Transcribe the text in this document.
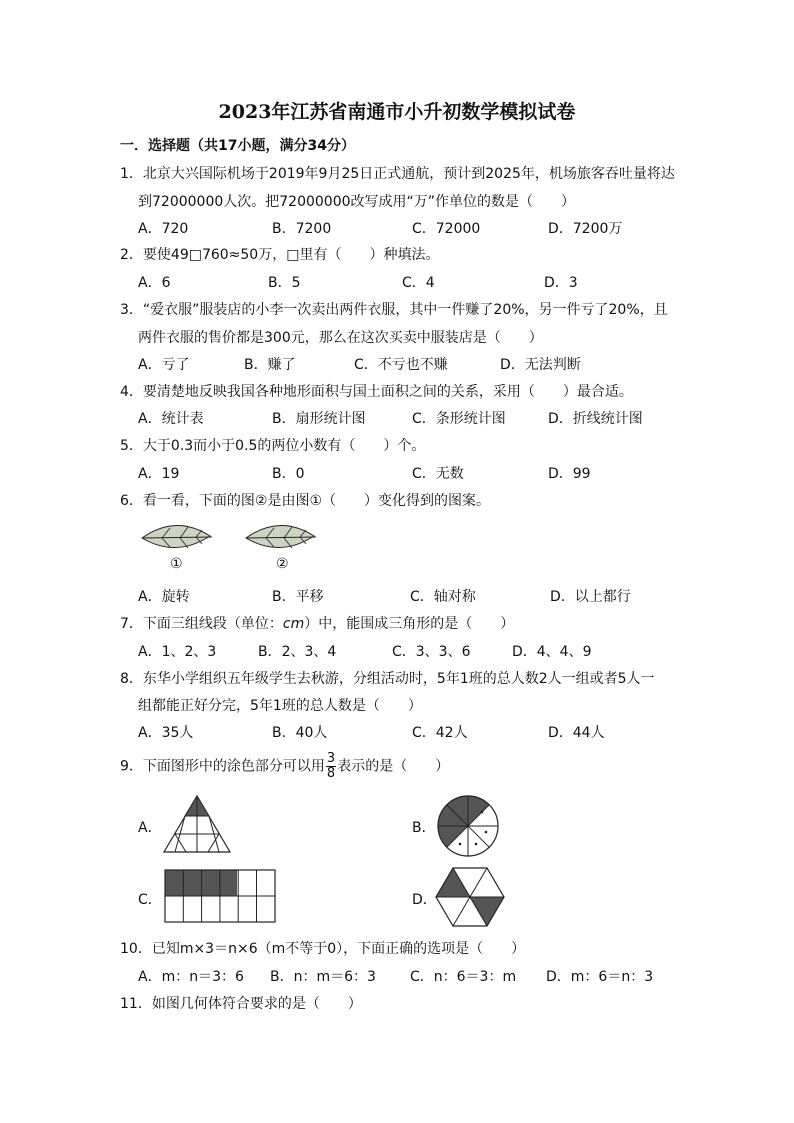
2023年江苏省南通市小升初数学模拟试卷
一．选择题（共17小题，满分34分）
1．北京大兴国际机场于2019年9月25日正式通航，预计到2025年，机场旅客吞吐量将达
到72000000人次。把72000000改写成用“万”作单位的数是（　　）
A．720	B．7200	C．72000	D．7200万
2．要使49□760≈50万，□里有（　　）种填法。
A．6	B．5	C．4	D．3
3．“爱衣服”服装店的小李一次卖出两件衣服，其中一件赚了20%，另一件亏了20%，且
两件衣服的售价都是300元，那么在这次买卖中服装店是（　　）
A．亏了	B．赚了	C．不亏也不赚	D．无法判断
4．要清楚地反映我国各种地形面积与国土面积之间的关系，采用（　　）最合适。
A．统计表	B．扇形统计图	C．条形统计图	D．折线统计图
5．大于0.3而小于0.5的两位小数有（　　）个。
A．19	B．0	C．无数	D．99
6．看一看，下面的图②是由图①（　　）变化得到的图案。
①	②
A．旋转	B．平移	C．轴对称	D．以上都行
7．下面三组线段（单位：cm）中，能围成三角形的是（　　）
A．1、2、3	B．2、3、4	C．3、3、6	D．4、4、9
8．东华小学组织五年级学生去秋游，分组活动时，5年1班的总人数2人一组或者5人一
组都能正好分完，5年1班的总人数是（　　）
A．35人	B．40人	C．42人	D．44人
9．下面图形中的涂色部分可以用 $\frac{3}{8}$ 表示的是（　　）
A．	B．
C．	D．
10．已知m×3＝n×6（m不等于0），下面正确的选项是（　　）
A．m：n＝3：6 B．n：m＝6：3 C．n：6＝3：m D．m：6＝n：3
11．如图几何体符合要求的是（　　）
